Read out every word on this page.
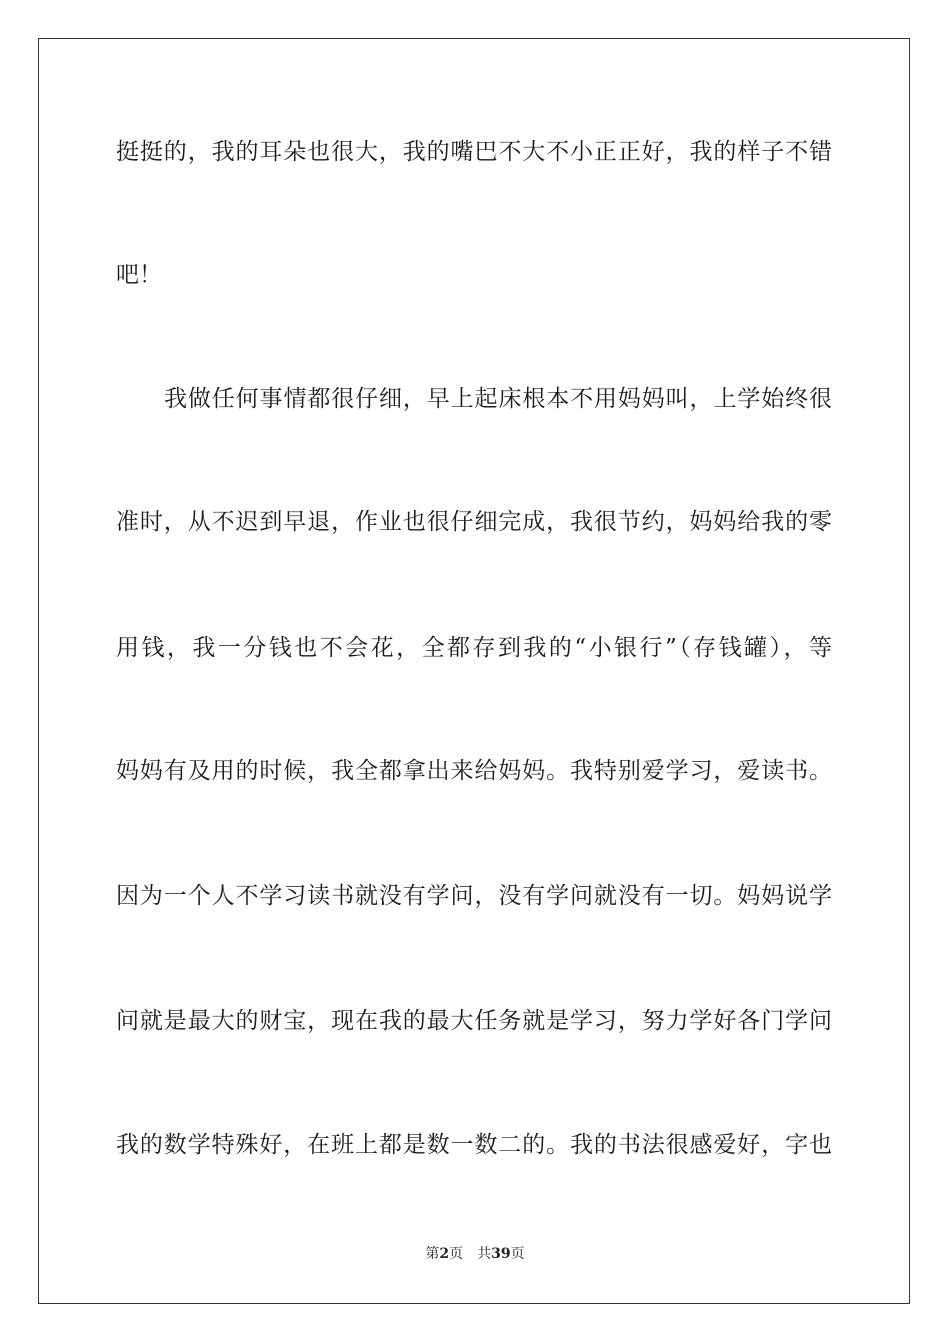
挺挺的，我的耳朵也很大，我的嘴巴不大不小正正好，我的样子不错
吧！
我做任何事情都很仔细，早上起床根本不用妈妈叫，上学始终很
准时，从不迟到早退，作业也很仔细完成，我很节约，妈妈给我的零
用钱，我一分钱也不会花，全都存到我的“小银行”（存钱罐），等
妈妈有及用的时候，我全都拿出来给妈妈。我特别爱学习，爱读书。
因为一个人不学习读书就没有学问，没有学问就没有一切。妈妈说学
问就是最大的财宝，现在我的最大任务就是学习，努力学好各门学问
我的数学特殊好，在班上都是数一数二的。我的书法很感爱好，字也
第2页 共39页
